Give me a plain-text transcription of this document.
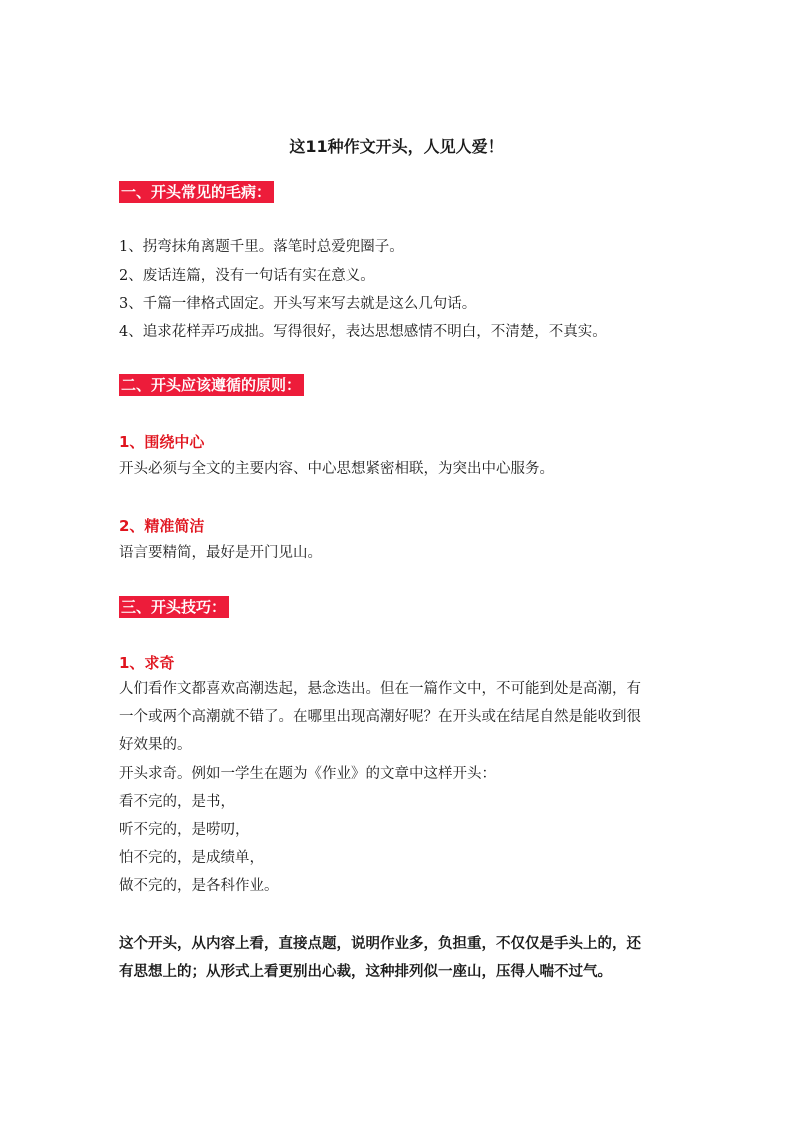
这11种作文开头，人见人爱！
一、开头常见的毛病：
1、拐弯抹角离题千里。落笔时总爱兜圈子。
2、废话连篇，没有一句话有实在意义。
3、千篇一律格式固定。开头写来写去就是这么几句话。
4、追求花样弄巧成拙。写得很好，表达思想感情不明白，不清楚，不真实。
二、开头应该遵循的原则：
1、围绕中心
开头必须与全文的主要内容、中心思想紧密相联，为突出中心服务。
2、精准简洁
语言要精简，最好是开门见山。
三、开头技巧：
1、求奇
人们看作文都喜欢高潮迭起，悬念迭出。但在一篇作文中，不可能到处是高潮，有
一个或两个高潮就不错了。在哪里出现高潮好呢？在开头或在结尾自然是能收到很
好效果的。
开头求奇。例如一学生在题为《作业》的文章中这样开头：
看不完的，是书，
听不完的，是唠叨，
怕不完的，是成绩单，
做不完的，是各科作业。
这个开头，从内容上看，直接点题，说明作业多，负担重，不仅仅是手头上的，还
有思想上的；从形式上看更别出心裁，这种排列似一座山，压得人喘不过气。
